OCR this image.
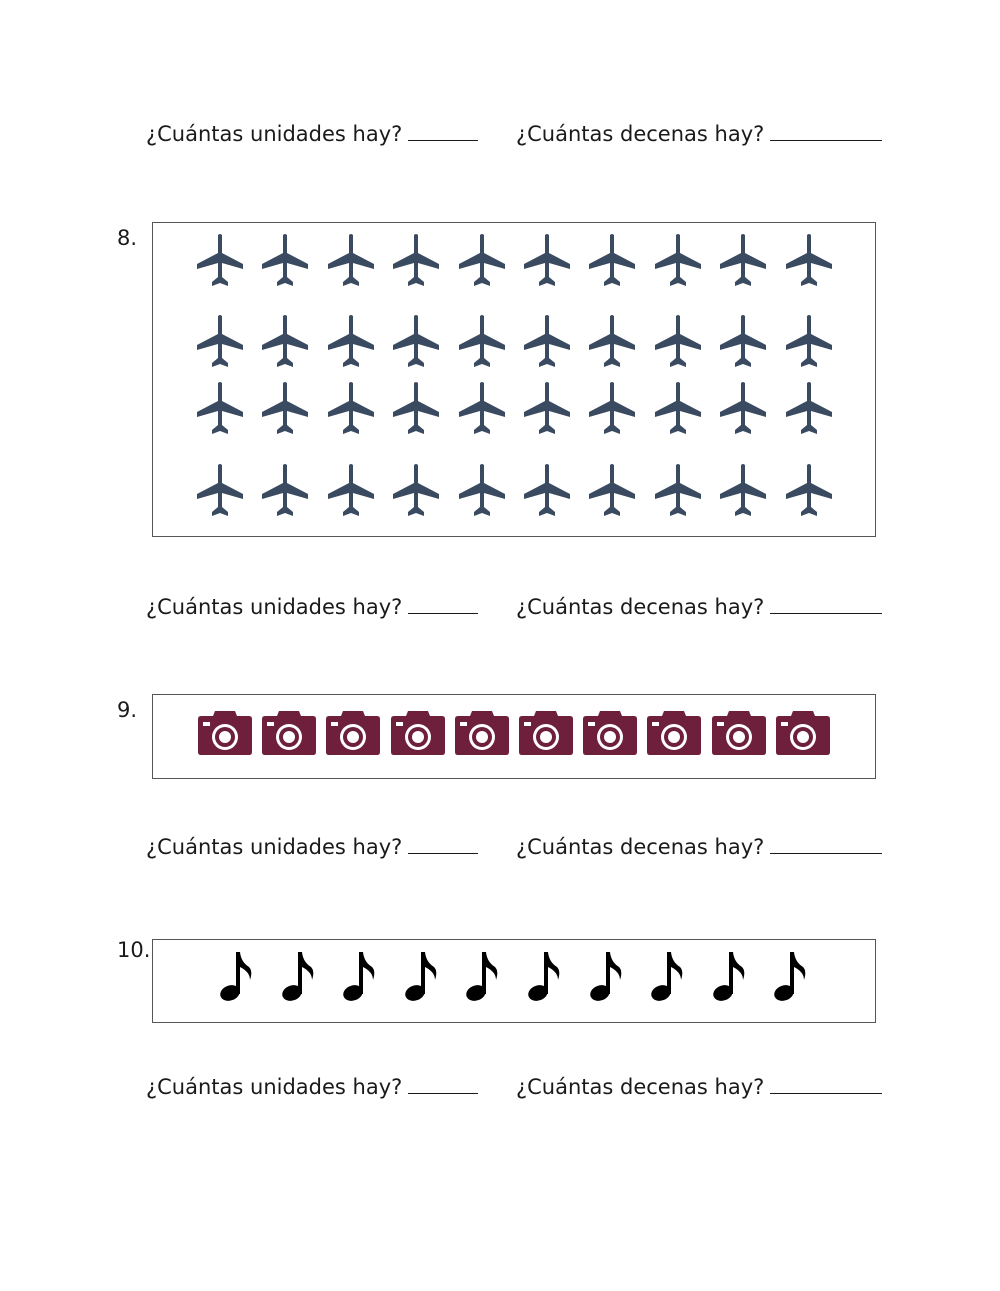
¿Cuántas unidades hay?	¿Cuántas decenas hay?
8.
¿Cuántas unidades hay?	¿Cuántas decenas hay?
9.
¿Cuántas unidades hay?	¿Cuántas decenas hay?
10.
¿Cuántas unidades hay?	¿Cuántas decenas hay?
